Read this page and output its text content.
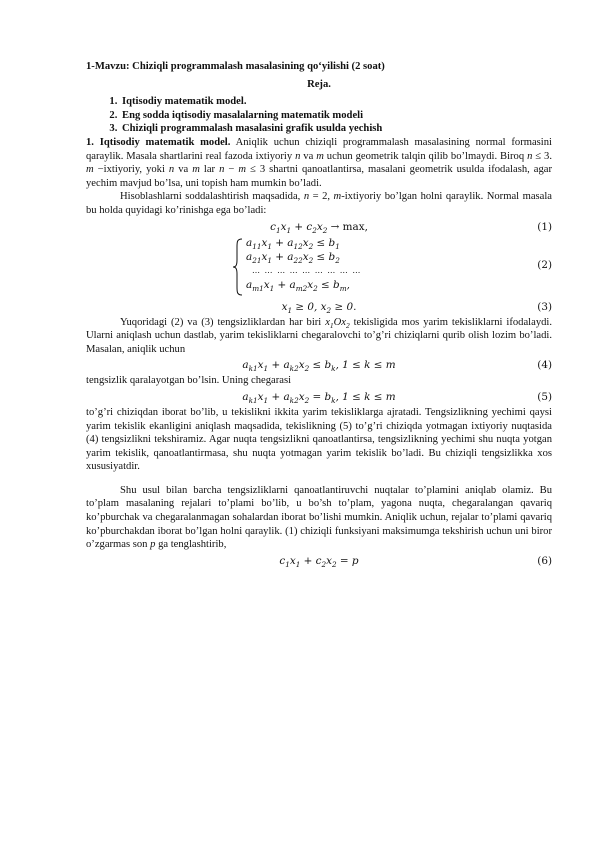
1-Mavzu: Chiziqli programmalash masalasining qo‘yilishi (2 soat)
Reja.
1. Iqtisodiy matematik model.
2. Eng sodda iqtisodiy masalalarning matematik modeli
3. Chiziqli programmalash masalasini grafik usulda yechish

1. Iqtisodiy matematik model. Aniqlik uchun chiziqli programmalash masalasining normal formasini qaraylik. Masala shartlarini real fazoda ixtiyoriy n va m uchun geometrik talqin qilib bo’lmaydi. Biroq n ≤ 3. m −ixtiyoriy, yoki n va m lar n − m ≤ 3 shartni qanoatlantirsa, masalani geometrik usulda ifodalash, agar yechim mavjud bo’lsa, uni topish ham mumkin bo’ladi.

Hisoblashlarni soddalashtirish maqsadida, n = 2, m-ixtiyoriy bo’lgan holni qaraylik. Normal masala bu holda quyidagi ko’rinishga ega bo’ladi:

$c_1x_1 + c_2x_2 \to \max$,	(1)
$a_{11}x_1 + a_{12}x_2 \le b_1$
$a_{21}x_1 + a_{22}x_2 \le b_2$
… … … … … … … … …
$a_{m1}x_1 + a_{m2}x_2 \le b_m$,
(2)
$x_1 \ge 0$, $x_2 \ge 0$.	(3)

Yuqoridagi (2) va (3) tengsizliklardan har biri $x_1Ox_2$ tekisligida mos yarim tekisliklarni ifodalaydi. Ularni aniqlash uchun dastlab, yarim tekisliklarni chegaralovchi to’g’ri chiziqlarni qurib olish lozim bo’ladi. Masalan, aniqlik uchun

$a_{k1}x_1 + a_{k2}x_2 \le b_k$, 1 ≤ k ≤ m	(4)

tengsizlik qaralayotgan bo’lsin. Uning chegarasi

$a_{k1}x_1 + a_{k2}x_2 = b_k$, 1 ≤ k ≤ m	(5)

to’g’ri chiziqdan iborat bo’lib, u tekislikni ikkita yarim tekisliklarga ajratadi. Tengsizlikning yechimi qaysi yarim tekislik ekanligini aniqlash maqsadida, tekislikning (5) to’g’ri chiziqda yotmagan ixtiyoriy nuqtasida (4) tengsizlikni tekshiramiz. Agar nuqta tengsizlikni qanoatlantirsa, tengsizlikning yechimi shu nuqta yotgan yarim tekislik, qanoatlantirmasa, shu nuqta yotmagan yarim tekislik bo’ladi. Bu chiziqli tengsizlikka xos xususiyatdir.

Shu usul bilan barcha tengsizliklarni qanoatlantiruvchi nuqtalar to’plamini aniqlab olamiz. Bu to’plam masalaning rejalari to’plami bo’lib, u bo’sh to’plam, yagona nuqta, chegaralangan qavariq ko’pburchak va chegaralanmagan sohalardan iborat bo’lishi mumkin. Aniqlik uchun, rejalar to’plami qavariq ko’pburchakdan iborat bo’lgan holni qaraylik. (1) chiziqli funksiyani maksimumga tekshirish uchun uni biror o’zgarmas son p ga tenglashtirib,

$c_1x_1 + c_2x_2 = p$	(6)
